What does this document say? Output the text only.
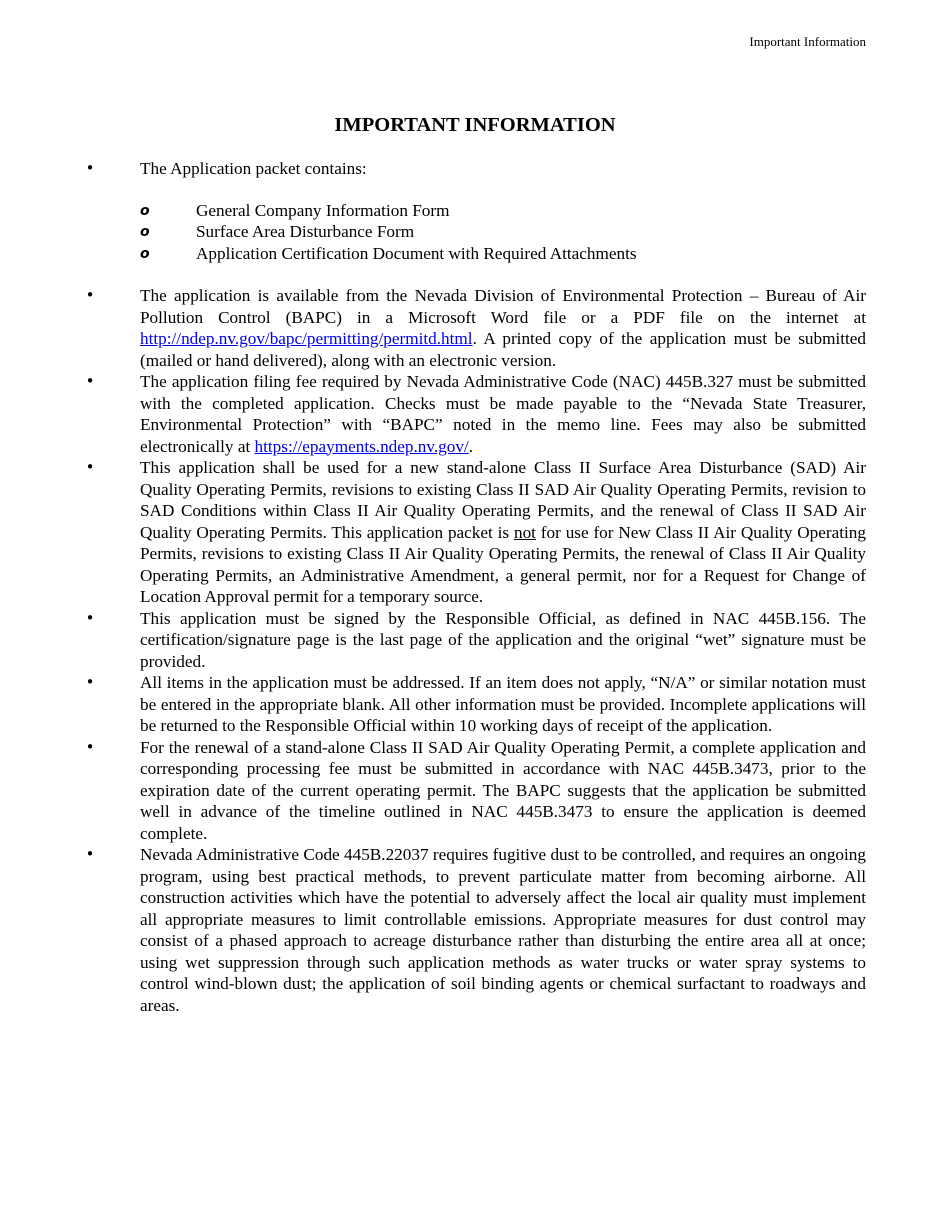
Important Information
IMPORTANT INFORMATION
•	The Application packet contains:
o	General Company Information Form
o	Surface Area Disturbance Form
o	Application Certification Document with Required Attachments
•	The application is available from the Nevada Division of Environmental Protection – Bureau of Air Pollution Control (BAPC) in a Microsoft Word file or a PDF file on the internet at http://ndep.nv.gov/bapc/permitting/permitd.html. A printed copy of the application must be submitted (mailed or hand delivered), along with an electronic version.
•	The application filing fee required by Nevada Administrative Code (NAC) 445B.327 must be submitted with the completed application. Checks must be made payable to the “Nevada State Treasurer, Environmental Protection” with “BAPC” noted in the memo line. Fees may also be submitted electronically at https://epayments.ndep.nv.gov/.
•	This application shall be used for a new stand-alone Class II Surface Area Disturbance (SAD) Air Quality Operating Permits, revisions to existing Class II SAD Air Quality Operating Permits, revision to SAD Conditions within Class II Air Quality Operating Permits, and the renewal of Class II SAD Air Quality Operating Permits. This application packet is not for use for New Class II Air Quality Operating Permits, revisions to existing Class II Air Quality Operating Permits, the renewal of Class II Air Quality Operating Permits, an Administrative Amendment, a general permit, nor for a Request for Change of Location Approval permit for a temporary source.
•	This application must be signed by the Responsible Official, as defined in NAC 445B.156. The certification/signature page is the last page of the application and the original “wet” signature must be provided.
•	All items in the application must be addressed. If an item does not apply, “N/A” or similar notation must be entered in the appropriate blank. All other information must be provided. Incomplete applications will be returned to the Responsible Official within 10 working days of receipt of the application.
•	For the renewal of a stand-alone Class II SAD Air Quality Operating Permit, a complete application and corresponding processing fee must be submitted in accordance with NAC 445B.3473, prior to the expiration date of the current operating permit. The BAPC suggests that the application be submitted well in advance of the timeline outlined in NAC 445B.3473 to ensure the application is deemed complete.
•	Nevada Administrative Code 445B.22037 requires fugitive dust to be controlled, and requires an ongoing program, using best practical methods, to prevent particulate matter from becoming airborne. All construction activities which have the potential to adversely affect the local air quality must implement all appropriate measures to limit controllable emissions. Appropriate measures for dust control may consist of a phased approach to acreage disturbance rather than disturbing the entire area all at once; using wet suppression through such application methods as water trucks or water spray systems to control wind-blown dust; the application of soil binding agents or chemical surfactant to roadways and areas.
